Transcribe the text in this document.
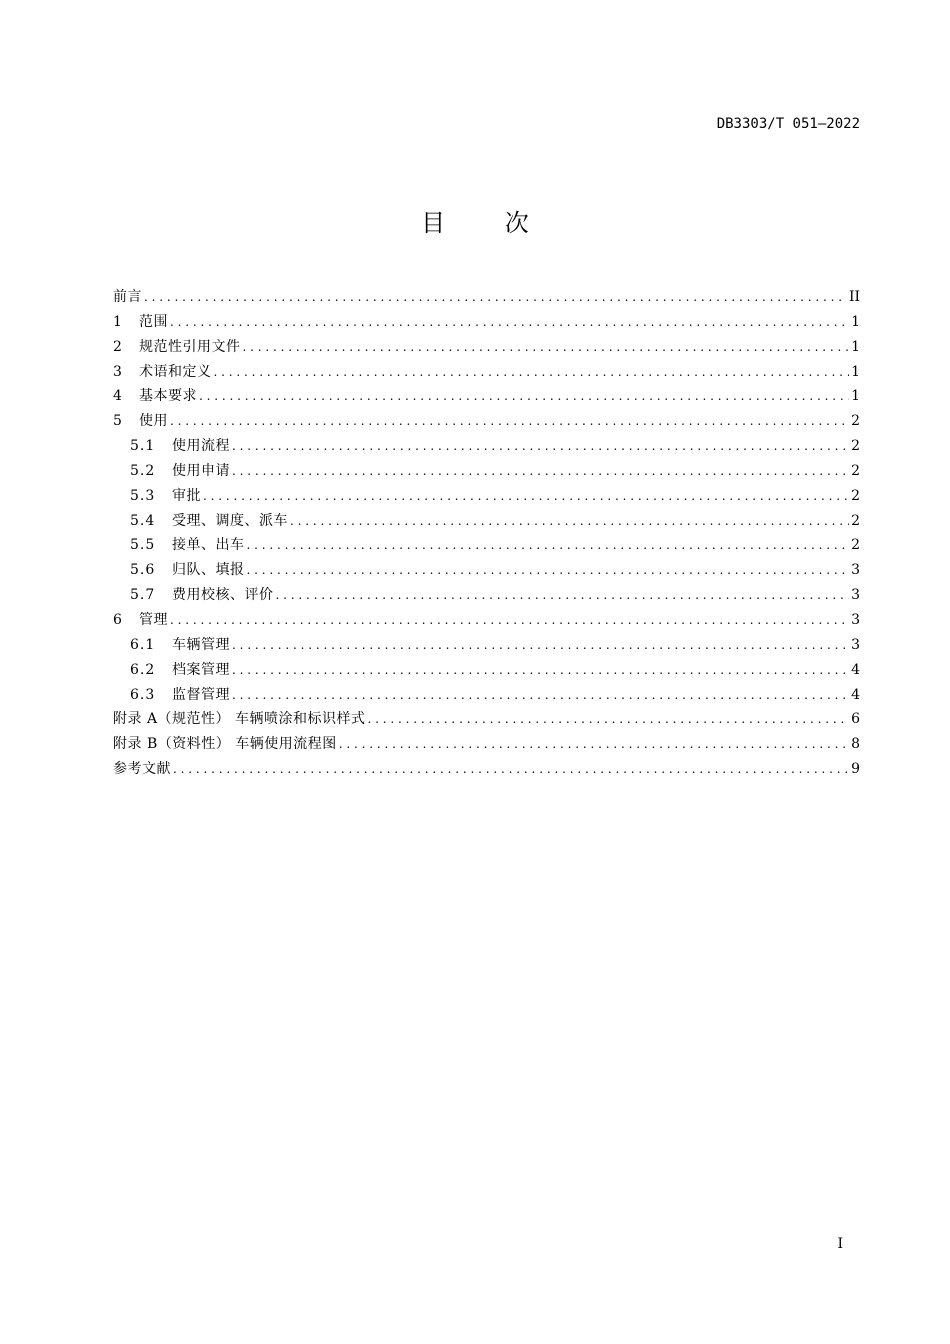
DB3303/T 051—2022
目 次
前言 . . .	II
1	范围 . . .	1
2	规范性引用文件 . . .	1
3	术语和定义 . . .	1
4	基本要求 . . .	1
5	使用 . . .	2
5.1	使用流程 . . .	2
5.2	使用申请 . . .	2
5.3	审批 . . .	2
5.4	受理、调度、派车 . . .	2
5.5	接单、出车 . . .	2
5.6	归队、填报 . . .	3
5.7	费用校核、评价 . . .	3
6	管理 . . .	3
6.1	车辆管理 . . .	3
6.2	档案管理 . . .	4
6.3	监督管理 . . .	4
附录 A（规范性） 车辆喷涂和标识样式 . . .	6
附录 B（资料性） 车辆使用流程图 . . .	8
参考文献 . . .	9
I
